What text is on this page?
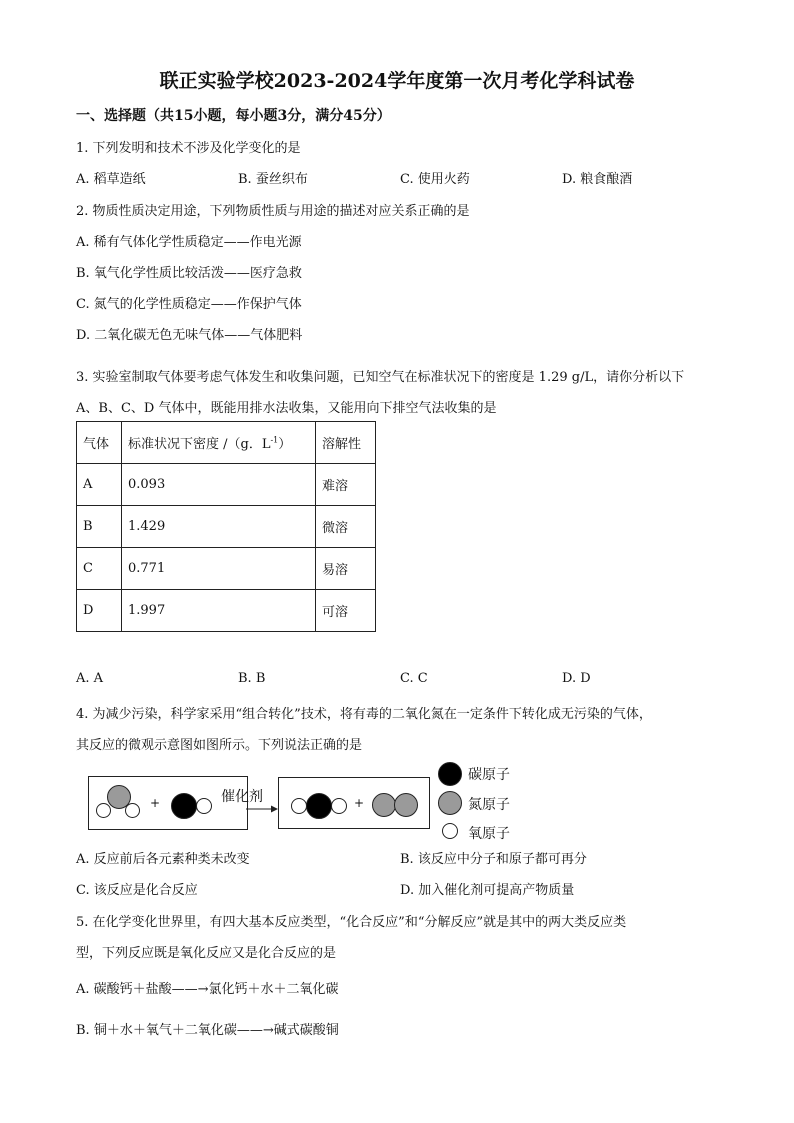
联正实验学校2023-2024学年度第一次月考化学科试卷
一、选择题（共15小题，每小题3分，满分45分）
1. 下列发明和技术不涉及化学变化的是
A. 稻草造纸	B. 蚕丝织布	C. 使用火药	D. 粮食酿酒
2. 物质性质决定用途，下列物质性质与用途的描述对应关系正确的是
A. 稀有气体化学性质稳定——作电光源
B. 氧气化学性质比较活泼——医疗急救
C. 氮气的化学性质稳定——作保护气体
D. 二氧化碳无色无味气体——气体肥料
3. 实验室制取气体要考虑气体发生和收集问题，已知空气在标准状况下的密度是 1.29 g/L，请你分析以下
A、B、C、D 气体中，既能用排水法收集，又能用向下排空气法收集的是
气体	标准状况下密度 /（g．$L^{-1}$）	溶解性
A	0.093	难溶
B	1.429	微溶
C	0.771	易溶
D	1.997	可溶
A. A	B. B	C. C	D. D
4. 为减少污染，科学家采用“组合转化”技术，将有毒的二氧化氮在一定条件下转化成无污染的气体，
其反应的微观示意图如图所示。下列说法正确的是
+	催化剂	+
碳原子
氮原子
氧原子
A. 反应前后各元素种类未改变	B. 该反应中分子和原子都可再分
C. 该反应是化合反应	D. 加入催化剂可提高产物质量
5. 在化学变化世界里，有四大基本反应类型，“化合反应”和“分解反应”就是其中的两大类反应类
型，下列反应既是氧化反应又是化合反应的是
A. 碳酸钙＋盐酸——→氯化钙＋水＋二氧化碳
B. 铜＋水＋氧气＋二氧化碳——→碱式碳酸铜
